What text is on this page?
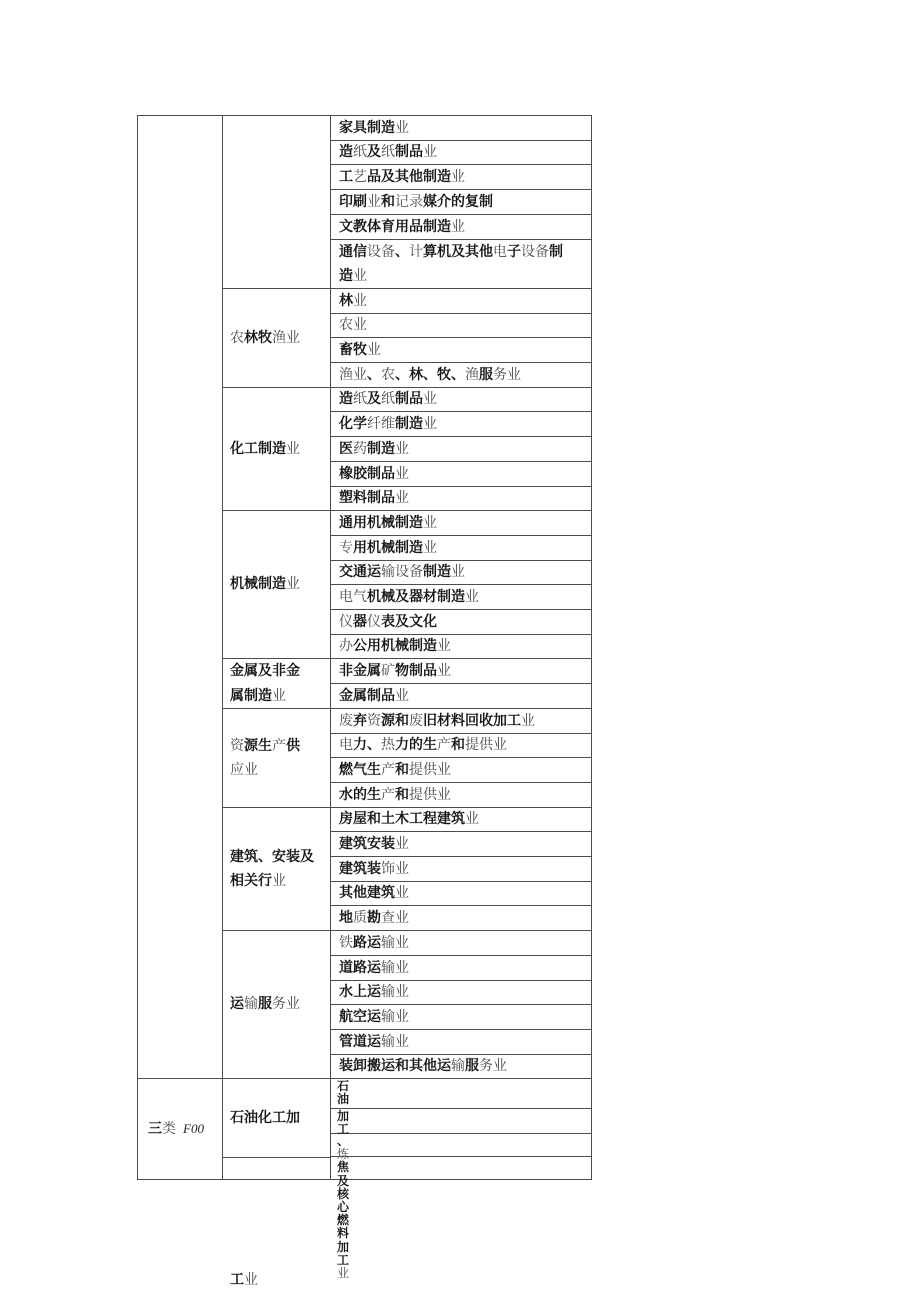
三类 F00
农林牧渔业
化工制造业
机械制造业
金属及非金
属制造业
资源生产供
应业
建筑、安装及
相关行业
运输服务业
石油化工加
家具制造业
造纸及纸制品业
工艺品及其他制造业
印刷业和记录媒介的复制
文教体育用品制造业
通信设备、计算机及其他电子设备制
造业
林业
农业
畜牧业
渔业、农、林、牧、渔服务业
造纸及纸制品业
化学纤维制造业
医药制造业
橡胶制品业
塑料制品业
通用机械制造业
专用机械制造业
交通运输设备制造业
电气机械及器材制造业
仪器仪表及文化
办公用机械制造业
非金属矿物制品业
金属制品业
废弃资源和废旧材料回收加工业
电力、热力的生产和提供业
燃气生产和提供业
水的生产和提供业
房屋和土木工程建筑业
建筑安装业
建筑装饰业
其他建筑业
地质勘查业
铁路运输业
道路运输业
水上运输业
航空运输业
管道运输业
装卸搬运和其他运输服务业
石油
加工
、炼焦及核心燃料加工业
工业
